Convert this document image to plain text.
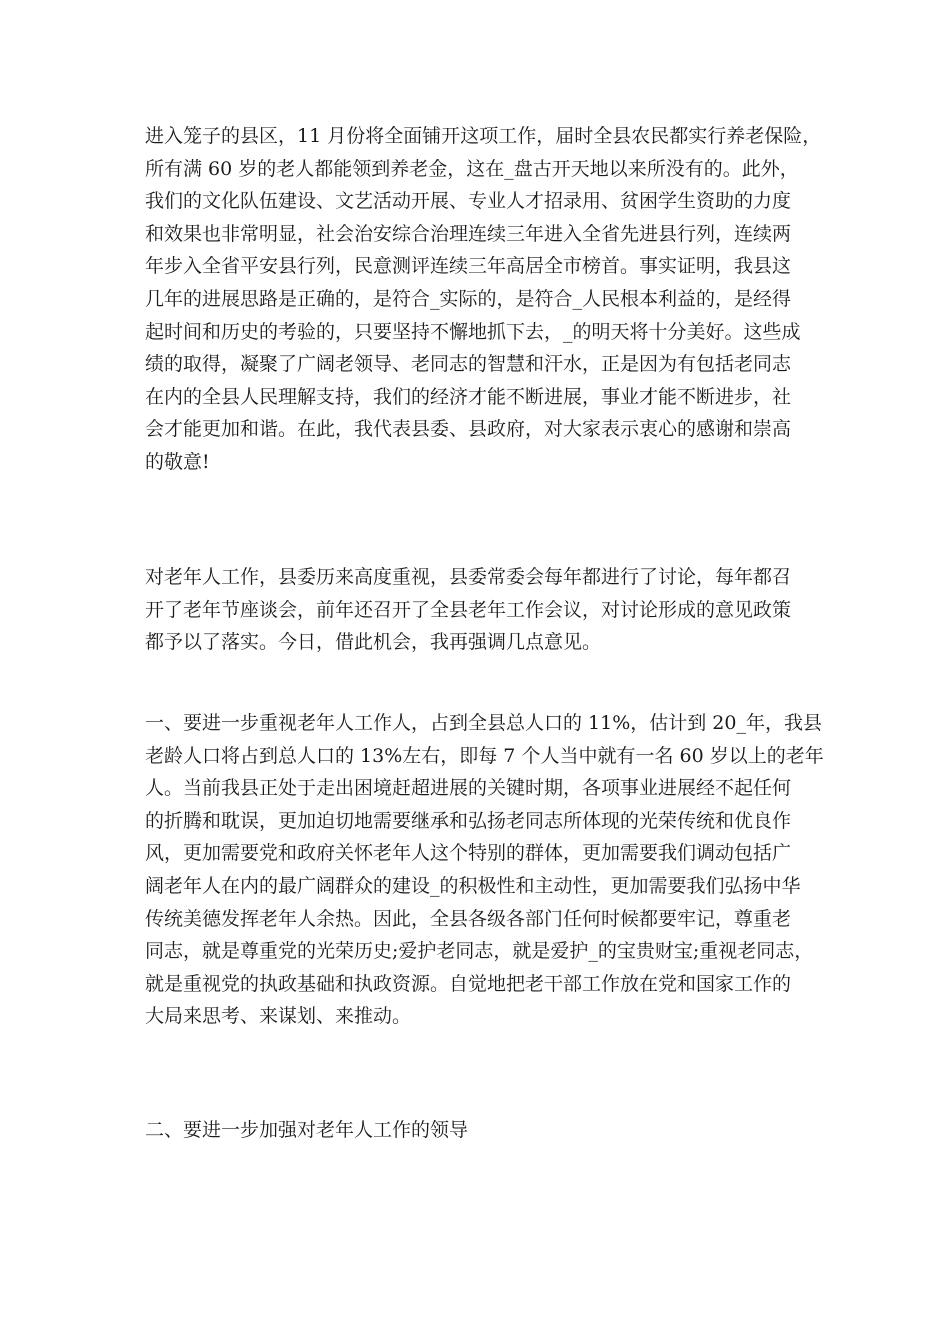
进入笼子的县区，11 月份将全面铺开这项工作，届时全县农民都实行养老保险，
所有满 60 岁的老人都能领到养老金，这在_盘古开天地以来所没有的。此外，
我们的文化队伍建设、文艺活动开展、专业人才招录用、贫困学生资助的力度
和效果也非常明显，社会治安综合治理连续三年进入全省先进县行列，连续两
年步入全省平安县行列，民意测评连续三年高居全市榜首。事实证明，我县这
几年的进展思路是正确的，是符合_实际的，是符合_人民根本利益的，是经得
起时间和历史的考验的，只要坚持不懈地抓下去，_的明天将十分美好。这些成
绩的取得，凝聚了广阔老领导、老同志的智慧和汗水，正是因为有包括老同志
在内的全县人民理解支持，我们的经济才能不断进展，事业才能不断进步，社
会才能更加和谐。在此，我代表县委、县政府，对大家表示衷心的感谢和崇高
的敬意!
对老年人工作，县委历来高度重视，县委常委会每年都进行了讨论，每年都召
开了老年节座谈会，前年还召开了全县老年工作会议，对讨论形成的意见政策
都予以了落实。今日，借此机会，我再强调几点意见。
一、要进一步重视老年人工作人，占到全县总人口的 11%，估计到 20_年，我县
老龄人口将占到总人口的 13%左右，即每 7 个人当中就有一名 60 岁以上的老年
人。当前我县正处于走出困境赶超进展的关键时期，各项事业进展经不起任何
的折腾和耽误，更加迫切地需要继承和弘扬老同志所体现的光荣传统和优良作
风，更加需要党和政府关怀老年人这个特别的群体，更加需要我们调动包括广
阔老年人在内的最广阔群众的建设_的积极性和主动性，更加需要我们弘扬中华
传统美德发挥老年人余热。因此，全县各级各部门任何时候都要牢记，尊重老
同志，就是尊重党的光荣历史;爱护老同志，就是爱护_的宝贵财宝;重视老同志，
就是重视党的执政基础和执政资源。自觉地把老干部工作放在党和国家工作的
大局来思考、来谋划、来推动。
二、要进一步加强对老年人工作的领导
